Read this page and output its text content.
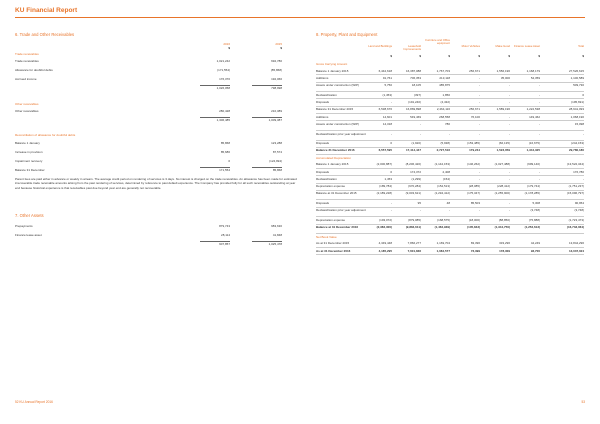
KU Financial Report
6. Trade and Other Receivables
2016	2015
$	$
Trade receivables
Trade receivables	1,021,242	692,780
Allowance for doubtful debts	(171,554)	(85,868)
Accrued income	176,370	192,066
1,026,058	798,998
Other receivables
Other receivables	280,428	210,389
1,306,485	1,009,387
Reconciliation of allowance for doubtful debts
Balance 1 January	85,868	123,288
Increase in provision	85,686	87,574
Impairment recovery	0	(124,994)
Balance 31 December	171,554	85,868
Parent fees are paid either in advance or weekly in arrears. The average credit period on rendering of services is 3 days. No interest is charged on the trade receivables. An allowance has been made for estimated irrecoverable trade receivable amounts arising from the past rendering of services, determined by reference to past default experience. The Company has provided fully for all such receivables outstanding at year end because historical experience is that receivables past due beyond year end are generally not recoverable.
7. Other Assets
Prepayments	879,743	983,630
Finance lease asset	28,114	41,848
907,857	1,025,478
8. Property, Plant and Equipment
Land and Buildings	Leasehold Improvements
Furniture and Office equipment
Motor Vehicles	Make Good	Finance Lease Asset	Total
$	$	$	$	$	$	$
Gross Carrying Amount
Balance 1 January 2015	6,442,618	16,387,088	1,767,703	256,671	1,556,196	1,168,179	27,526,615
Additions	91,761	706,353	213,118	-	35,000	54,359	1,100,589
Assets under construction (WIP)	5,750	18,105	485,875	-	-	-	509,730
Reclassification	(1,453)	(397)	1,850	-	-	-	0
Disposals	-	(191,240)	(4,432)	-	-	-	(195,691)
Balance 31 December 2015	6,538,676	16,869,898	2,464,116	256,671	1,589,196	1,222,538	28,941,093
Additions	14,601	549,469	268,558	76,100	-	149,462	1,068,190
Assets under construction (WIP)	14,318	-	780	-	-	-	15,098
Reclassification prior year adjustment	-	-	-	-	-	-	-
Disposals	0	(1,920)	(5,938)	(153,485)	(66,135)	(16,675)	(244,153)
Balance 31 December 2016	6,557,595	17,414,447	2,727,516	179,244	1,523,059	1,344,325	29,780,180
Accumulated Depreciation
Balance 1 January 2015	(2,000,887)	(8,206,420)	(1,142,153)	(146,262)	(1,027,488)	(999,140)	(13,522,344)
Disposals	0	174,372	2,408	-	-	-	176,780
Reclassification	1,453	(1,299)	(154)	-	-	-	-
Depreciation expense	(189,784)	(970,284)	(154,513)	(28,085)	(228,412)	(179,744)	(1,751,237)
Balance at 31 December 2015	(2,189,228)	(9,003,621)	(1,294,412)	(175,347)	(1,255,900)	(1,178,285)	(15,096,797)
Disposals	-	95	48	85,503	-	5,308	90,954
Reclassification prior year adjustment	-	-	-	-	-	(3,748)	(3,748)
Depreciation expense	(193,072)	(879,085)	(168,575)	(18,000)	(88,850)	(75,888)	(1,723,473)
Balance at 31 December 2016	(2,382,300)	(9,884,611)	(1,462,939)	(105,843)	(1,344,750)	(1,252,613)	(16,733,064)
Net Book Value
As at 31 December 2015	4,349,448	7,866,277	1,169,704	83,396	333,296	44,249	13,844,296
As at 31 December 2016	4,185,295	7,601,836	1,084,577	73,399	178,309	93,700	13,037,024
52 KU Annual Report 2016	53
